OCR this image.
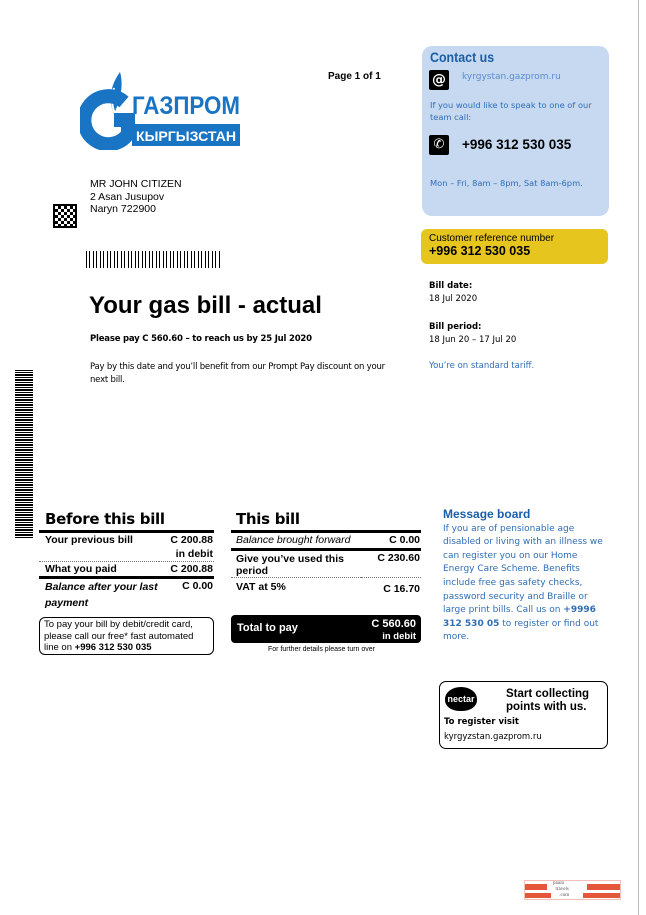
Page 1 of 1
ГАЗПРОМ
КЫРГЫЗСТАН
Contact us
@	kyrgystan.gazprom.ru
If you would like to speak to one of our team call:
✆	+996 312 530 035
Mon – Fri, 8am – 8pm, Sat 8am-6pm.
Customer reference number
+996 312 530 035
MR JOHN CITIZEN
2 Asan Jusupov
Naryn 722900
Your gas bill - actual
Please pay C 560.60 – to reach us by 25 Jul 2020
Pay by this date and you’ll benefit from our Prompt Pay discount on your next bill.
Bill date:
18 Jul 2020
Bill period:
18 Jun 20 – 17 Jul 20
You’re on standard tariff.
Before this bill
Your previous bill	C 200.88
in debit
What you paid	C 200.88
Balance after your last payment	C 0.00
To pay your bill by debit/credit card, please call our free* fast automated line on +996 312 530 035
This bill
Balance brought forward	C 0.00
Give you’ve used this period	C 230.60
VAT at 5%	C 16.70
Total to pay	C 560.60
in debit
For further details please turn over
Message board
If you are of pensionable age disabled or living with an illness we can register you on our Home Energy Care Scheme. Benefits include free gas safety checks, password security and Braille or large print bills. Call us on +9996 312 530 05 to register or find out more.
nectar	Start collecting points with us.
To register visit
kyrgyzstan.gazprom.ru
paulo
travels
.com
